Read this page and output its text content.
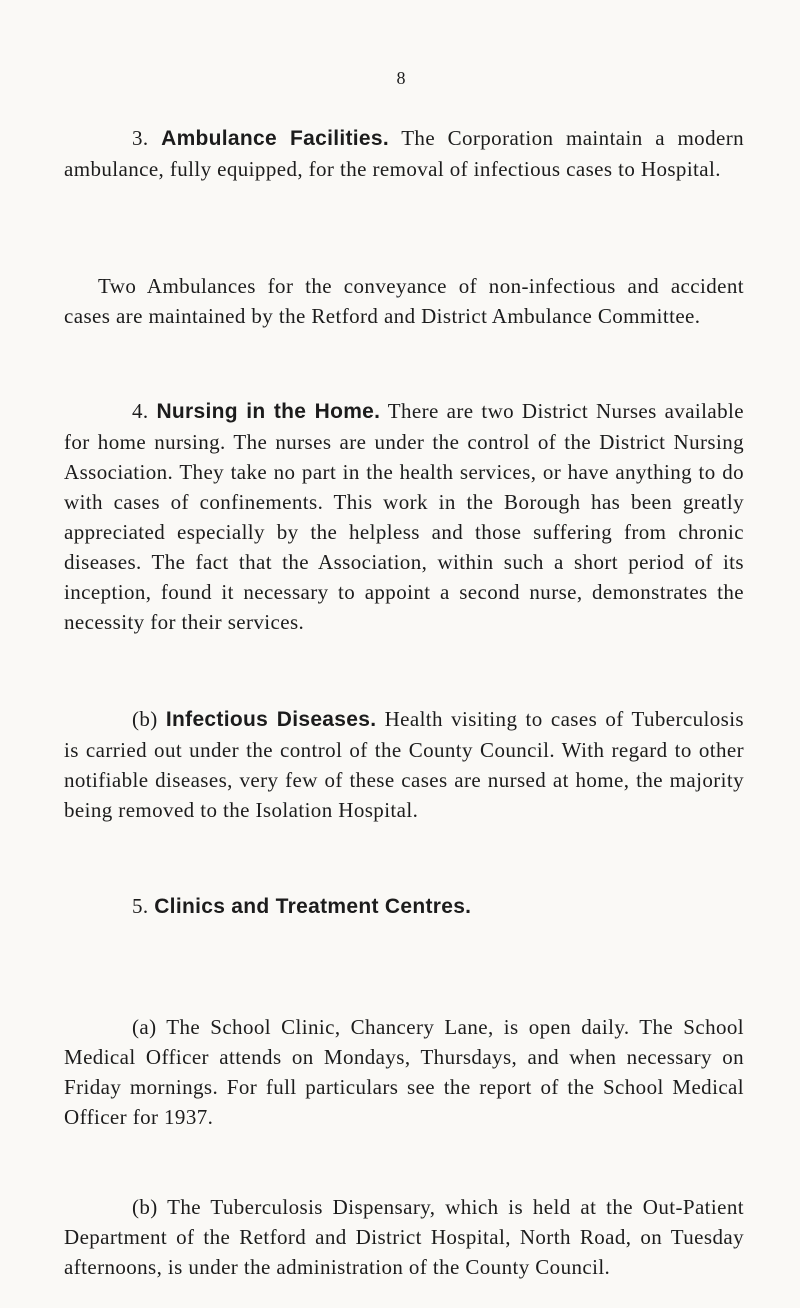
8

3. Ambulance Facilities. The Corporation maintain a modern ambulance, fully equipped, for the removal of infectious cases to Hospital.

Two Ambulances for the conveyance of non-infectious and accident cases are maintained by the Retford and District Ambulance Committee.

4. Nursing in the Home. There are two District Nurses available for home nursing. The nurses are under the control of the District Nursing Association. They take no part in the health services, or have anything to do with cases of confinements. This work in the Borough has been greatly appreciated especially by the helpless and those suffering from chronic diseases. The fact that the Association, within such a short period of its inception, found it necessary to appoint a second nurse, demonstrates the necessity for their services.

(b) Infectious Diseases. Health visiting to cases of Tuberculosis is carried out under the control of the County Council. With regard to other notifiable diseases, very few of these cases are nursed at home, the majority being removed to the Isolation Hospital.

5. Clinics and Treatment Centres.

(a) The School Clinic, Chancery Lane, is open daily. The School Medical Officer attends on Mondays, Thursdays, and when necessary on Friday mornings. For full particulars see the report of the School Medical Officer for 1937.

(b) The Tuberculosis Dispensary, which is held at the Out-Patient Department of the Retford and District Hospital, North Road, on Tuesday afternoons, is under the administration of the County Council.
